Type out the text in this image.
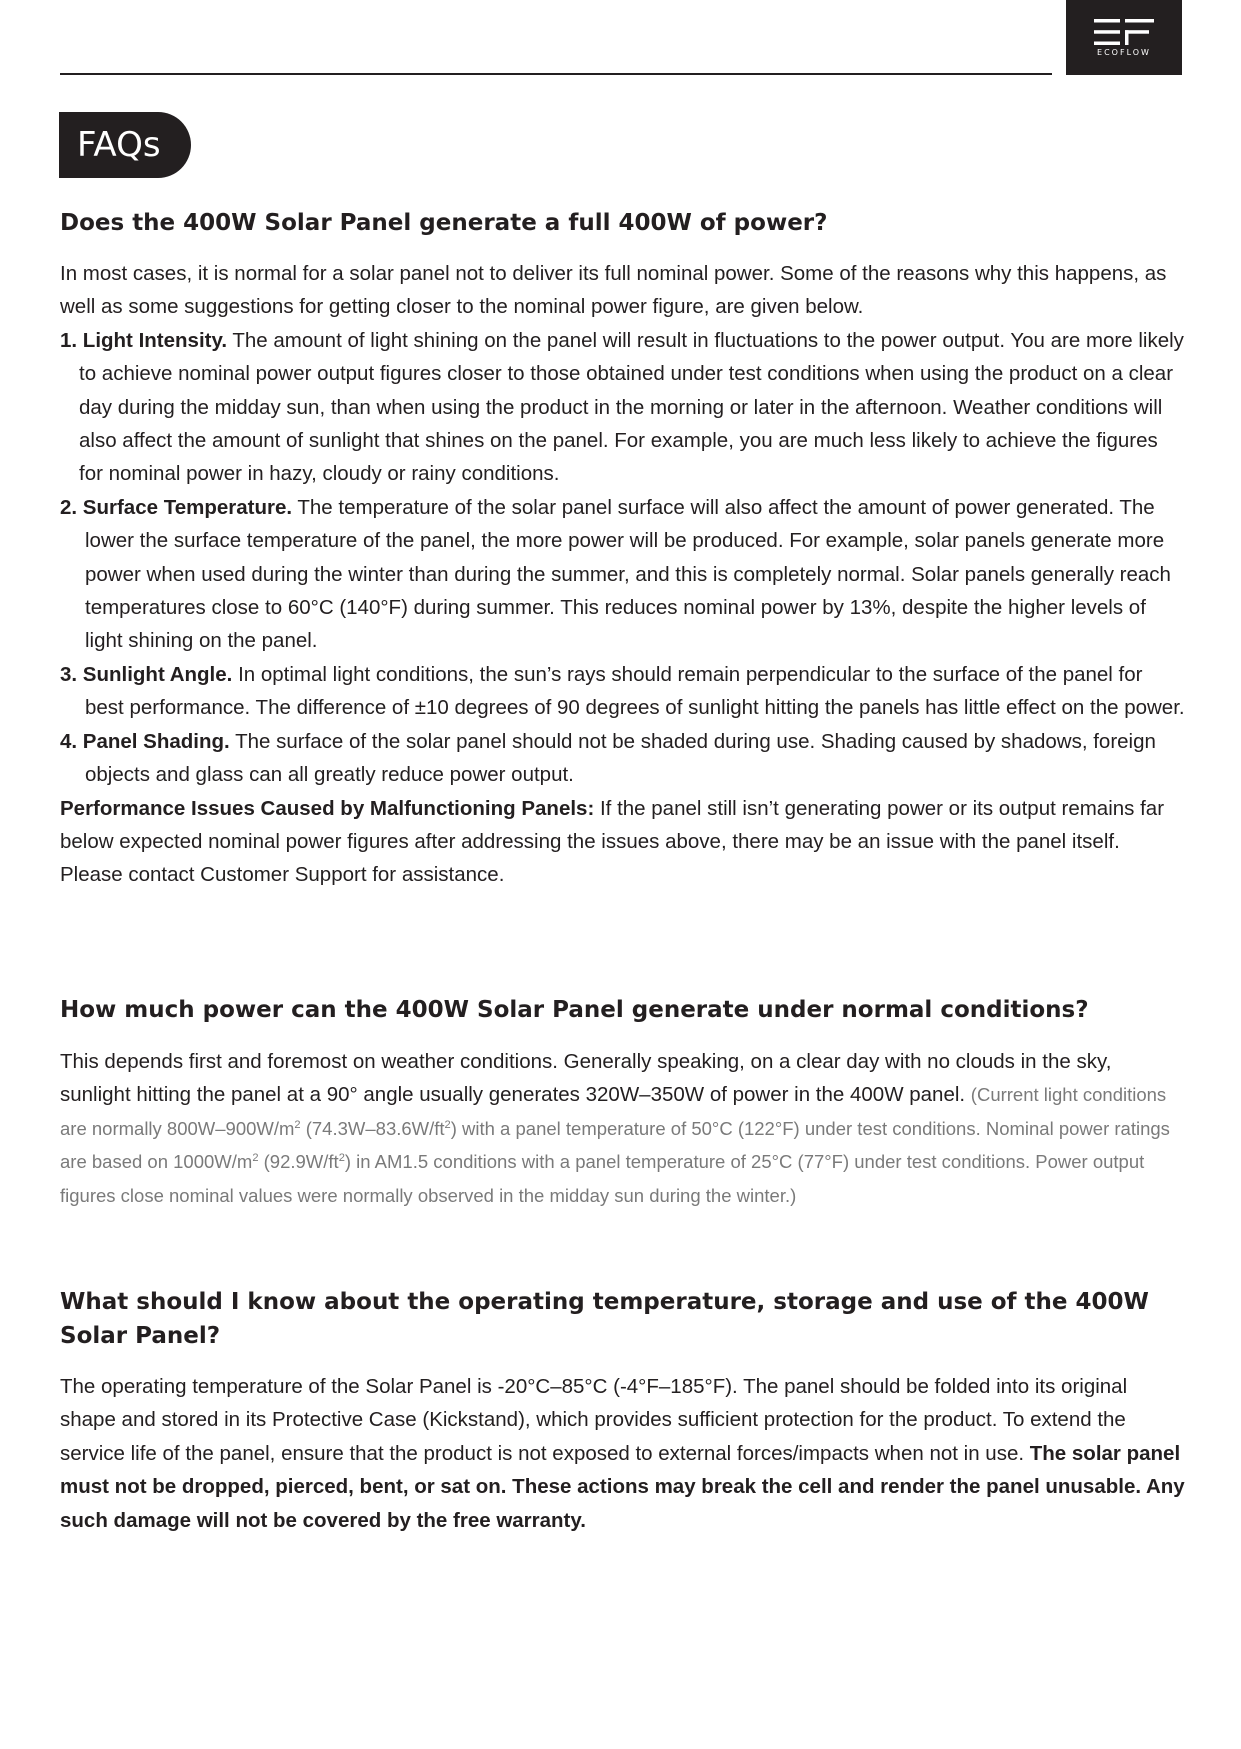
ECOFLOW
FAQs
Does the 400W Solar Panel generate a full 400W of power?

In most cases, it is normal for a solar panel not to deliver its full nominal power. Some of the reasons why this happens, as well as some suggestions for getting closer to the nominal power figure, are given below.

1. Light Intensity. The amount of light shining on the panel will result in fluctuations to the power output. You are more likely to achieve nominal power output figures closer to those obtained under test conditions when using the product on a clear day during the midday sun, than when using the product in the morning or later in the afternoon. Weather conditions will also affect the amount of sunlight that shines on the panel. For example, you are much less likely to achieve the figures for nominal power in hazy, cloudy or rainy conditions.

2. Surface Temperature. The temperature of the solar panel surface will also affect the amount of power generated. The lower the surface temperature of the panel, the more power will be produced. For example, solar panels generate more power when used during the winter than during the summer, and this is completely normal. Solar panels generally reach temperatures close to 60°C (140°F) during summer. This reduces nominal power by 13%, despite the higher levels of light shining on the panel.

3. Sunlight Angle. In optimal light conditions, the sun’s rays should remain perpendicular to the surface of the panel for best performance. The difference of ±10 degrees of 90 degrees of sunlight hitting the panels has little effect on the power.

4. Panel Shading. The surface of the solar panel should not be shaded during use. Shading caused by shadows, foreign objects and glass can all greatly reduce power output.

Performance Issues Caused by Malfunctioning Panels: If the panel still isn’t generating power or its output remains far below expected nominal power figures after addressing the issues above, there may be an issue with the panel itself. Please contact Customer Support for assistance.

How much power can the 400W Solar Panel generate under normal conditions?

This depends first and foremost on weather conditions. Generally speaking, on a clear day with no clouds in the sky, sunlight hitting the panel at a 90° angle usually generates 320W–350W of power in the 400W panel. (Current light conditions are normally $800W-900W/m^2$ $(74.3W-83.6W/ft^2)$ with a panel temperature of 50°C (122°F) under test conditions. Nominal power ratings are based on $1000W/m^2$ $(92.9W/ft^2)$ in AM1.5 conditions with a panel temperature of 25°C (77°F) under test conditions. Power output figures close nominal values were normally observed in the midday sun during the winter.)

What should I know about the operating temperature, storage and use of the 400W Solar Panel?

The operating temperature of the Solar Panel is -20°C–85°C (-4°F–185°F). The panel should be folded into its original shape and stored in its Protective Case (Kickstand), which provides sufficient protection for the product. To extend the service life of the panel, ensure that the product is not exposed to external forces/impacts when not in use. The solar panel must not be dropped, pierced, bent, or sat on. These actions may break the cell and render the panel unusable. Any such damage will not be covered by the free warranty.
